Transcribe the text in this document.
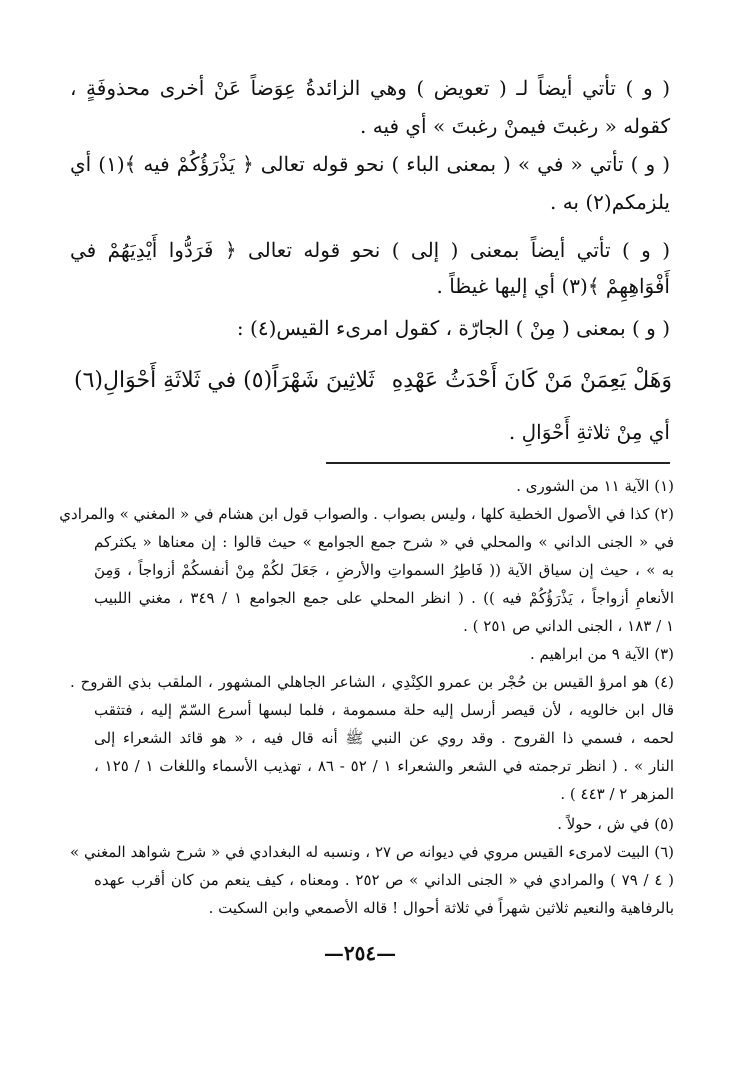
( و ) تأتي أيضاً لـ ( تعويض ) وهي الزائدةُ عِوَضاً عَنْ أخرى محذوفَةٍ ،

كقوله « رغبتَ فيمنْ رغبتَ » أي فيه .

( و ) تأتي « في » ( بمعنى الباء ) نحو قوله تعالى ﴿ يَذْرَؤُكُمْ فيه ﴾(١) أي

يلزمكم(٢) به .

( و ) تأتي أيضاً بمعنى ( إلى ) نحو قوله تعالى ﴿ فَرَدُّوا أَيْدِيَهُمْ في

أَفْوَاهِهِمْ ﴾(٣) أي إليها غيظاً .

( و ) بمعنى ( مِنْ ) الجارّة ، كقول امرىء القيس(٤) :

وَهَلْ يَعِمَنْ مَنْ كَانَ أَحْدَثُ عَهْدِهِ
ثَلاثِينَ شَهْرَاً(٥) في ثَلاثَةِ أَحْوَالِ(٦)

أي مِنْ ثلاثةِ أَحْوَالِ .

(١) الآية ١١ من الشورى .

(٢) كذا في الأصول الخطية كلها ، وليس بصواب . والصواب قول ابن هشام في « المغني » والمرادي

في « الجنى الداني » والمحلي في « شرح جمع الجوامع » حيث قالوا : إن معناها « يكثركم

به » ، حيث إن سياق الآية (( فَاطِرُ السمواتِ والأرضِ ، جَعَلَ لكُمْ مِنْ أنفسكُمْ أزواجاً ، وَمِنَ

الأنعامِ أزواجاً ، يَذْرَؤُكُمْ فيه )) . ( انظر المحلي على جمع الجوامع ١ / ٣٤٩ ، مغني اللبيب

١ / ١٨٣ ، الجنى الداني ص ٢٥١ ) .

(٣) الآية ٩ من ابراهيم .

(٤) هو امرؤ القيس بن حُجْر بن عمرو الكِنْدِي ، الشاعر الجاهلي المشهور ، الملقب بذي القروح .

قال ابن خالويه ، لأن قيصر أرسل إليه حلة مسمومة ، فلما لبسها أسرع السّمّ إليه ، فتثقب

لحمه ، فسمي ذا القروح . وقد روي عن النبي ﷺ أنه قال فيه ، « هو قائد الشعراء إلى

النار » . ( انظر ترجمته في الشعر والشعراء ١ / ٥٢ - ٨٦ ، تهذيب الأسماء واللغات ١ / ١٢٥ ،

المزهر ٢ / ٤٤٣ ) .

(٥) في ش ، حولاً .

(٦) البيت لامرىء القيس مروي في ديوانه ص ٢٧ ، ونسبه له البغدادي في « شرح شواهد المغني »

( ٤ / ٧٩ ) والمرادي في « الجنى الداني » ص ٢٥٢ . ومعناه ، كيف ينعم من كان أقرب عهده

بالرفاهية والنعيم ثلاثين شهراً في ثلاثة أحوال ! قاله الأصمعي وابن السكيت .

—٢٥٤—
